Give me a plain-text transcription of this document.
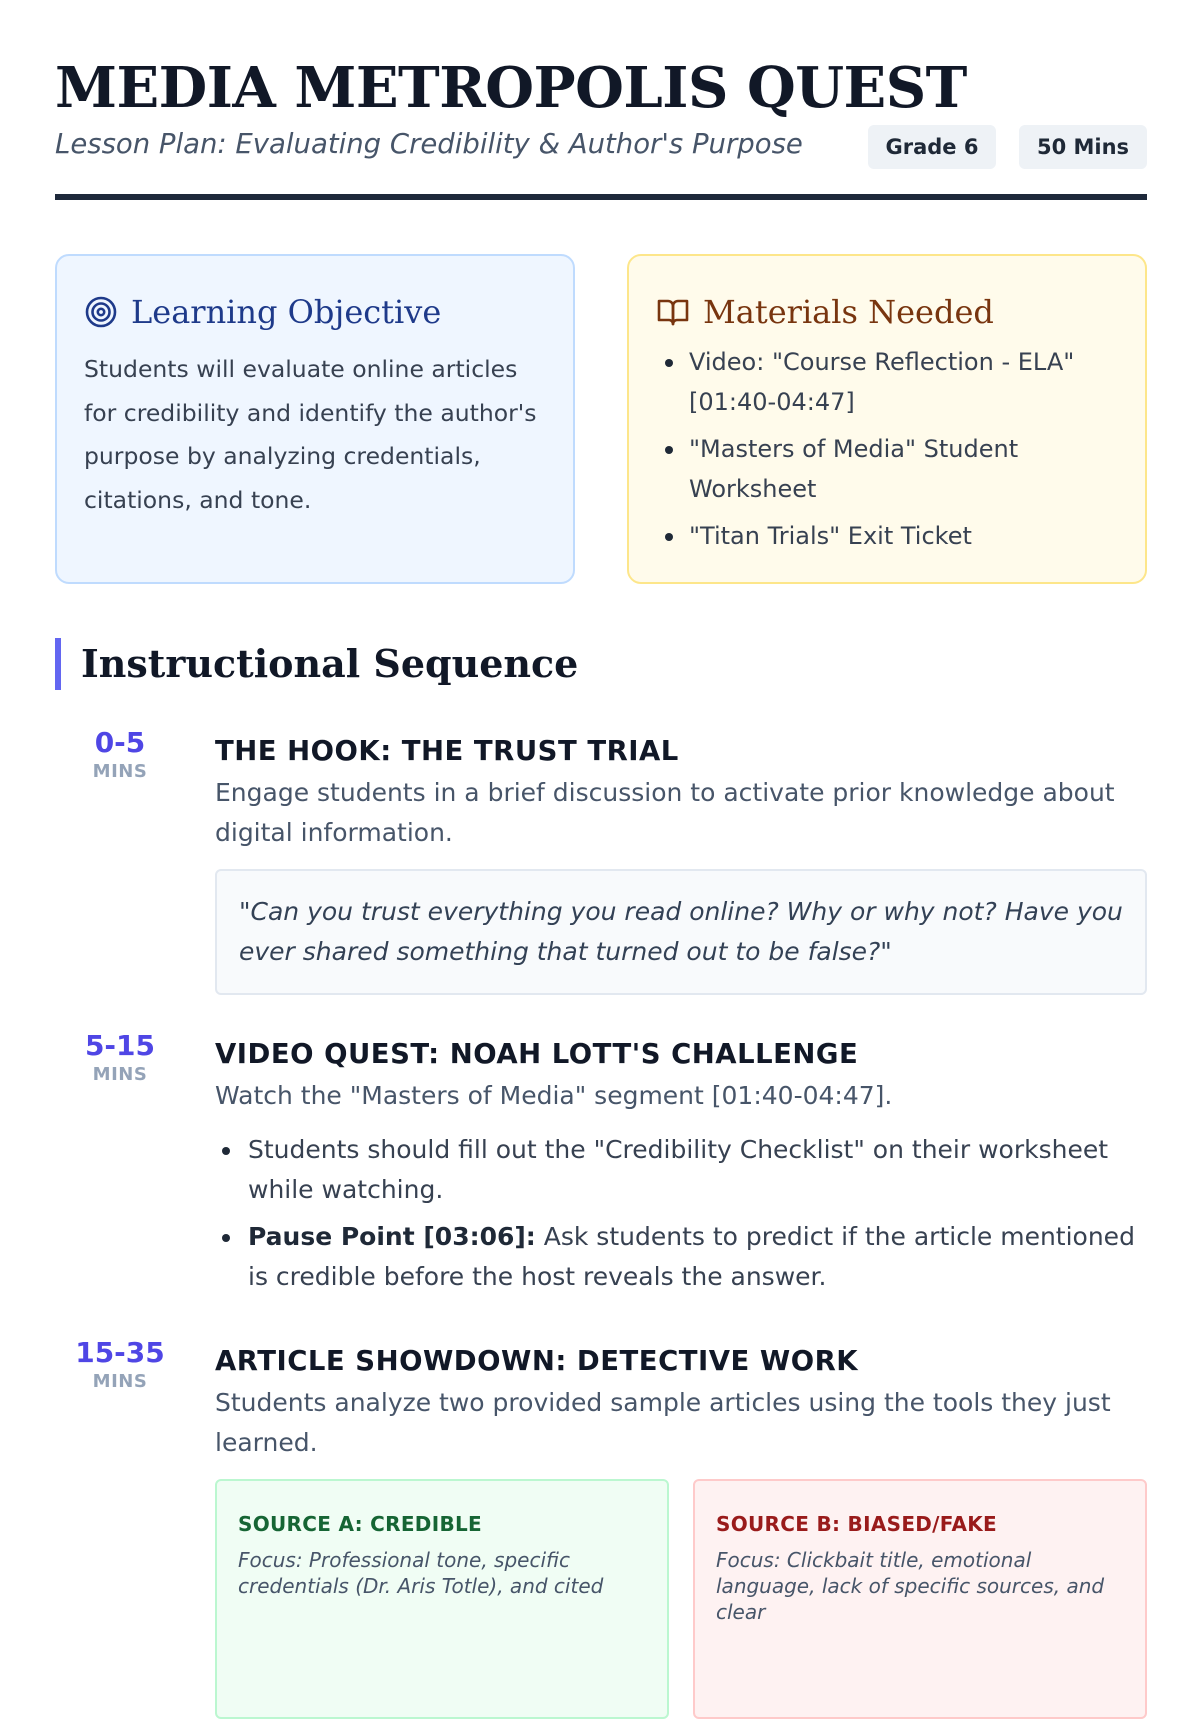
MEDIA METROPOLIS QUEST
Lesson Plan: Evaluating Credibility & Author's Purpose	Grade 6	50 Mins
Learning Objective

Students will evaluate online articles for credibility and identify the author's purpose by analyzing credentials, citations, and tone.

Materials Needed
Video: "Course Reflection - ELA" [01:40-04:47]
"Masters of Media" Student Worksheet
"Titan Trials" Exit Ticket
Instructional Sequence
0-5
MINS
THE HOOK: THE TRUST TRIAL

Engage students in a brief discussion to activate prior knowledge about digital information.

"Can you trust everything you read online? Why or why not? Have you ever shared something that turned out to be false?"
5-15
MINS
VIDEO QUEST: NOAH LOTT'S CHALLENGE

Watch the "Masters of Media" segment [01:40-04:47].

Students should fill out the "Credibility Checklist" on their worksheet while watching.
Pause Point [03:06]: Ask students to predict if the article mentioned is credible before the host reveals the answer.
15-35
MINS
ARTICLE SHOWDOWN: DETECTIVE WORK

Students analyze two provided sample articles using the tools they just learned.

SOURCE A: CREDIBLE

Focus: Professional tone, specific credentials (Dr. Aris Totle), and cited

SOURCE B: BIASED/FAKE

Focus: Clickbait title, emotional language, lack of specific sources, and clear
